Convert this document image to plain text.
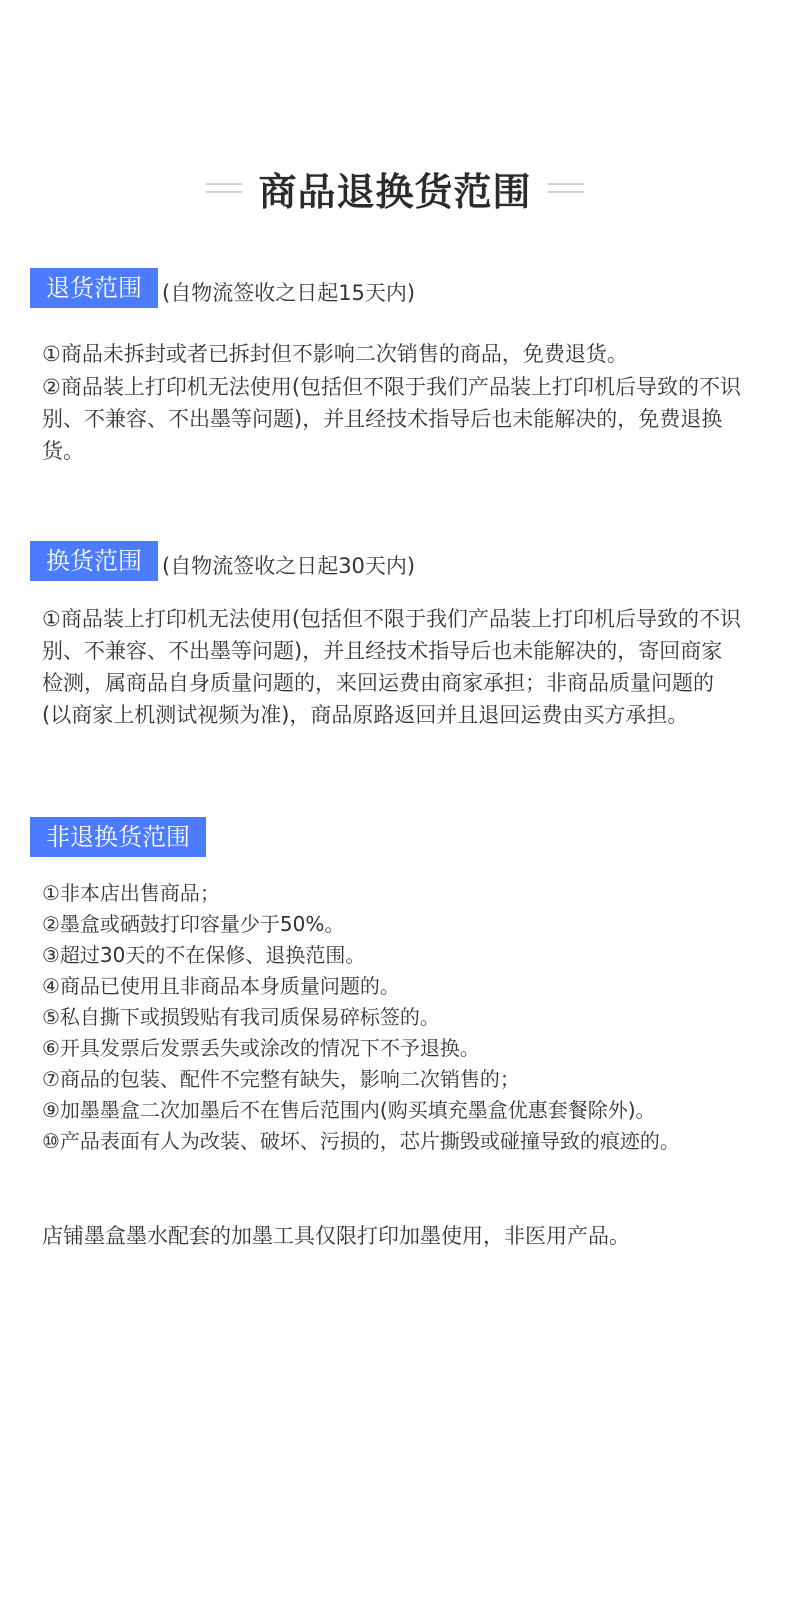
商品退换货范围
退货范围 (自物流签收之日起15天内)

①商品未拆封或者已拆封但不影响二次销售的商品，免费退货。

②商品装上打印机无法使用(包括但不限于我们产品装上打印机后导致的不识别、不兼容、不出墨等问题)，并且经技术指导后也未能解决的，免费退换货。

换货范围 (自物流签收之日起30天内)

①商品装上打印机无法使用(包括但不限于我们产品装上打印机后导致的不识别、不兼容、不出墨等问题)，并且经技术指导后也未能解决的，寄回商家检测，属商品自身质量问题的，来回运费由商家承担；非商品质量问题的(以商家上机测试视频为准)，商品原路返回并且退回运费由买方承担。

非退换货范围
①非本店出售商品；
②墨盒或硒鼓打印容量少于50%。
③超过30天的不在保修、退换范围。
④商品已使用且非商品本身质量问题的。
⑤私自撕下或损毁贴有我司质保易碎标签的。
⑥开具发票后发票丢失或涂改的情况下不予退换。
⑦商品的包装、配件不完整有缺失，影响二次销售的；
⑨加墨墨盒二次加墨后不在售后范围内(购买填充墨盒优惠套餐除外)。
⑩产品表面有人为改装、破坏、污损的，芯片撕毁或碰撞导致的痕迹的。
店铺墨盒墨水配套的加墨工具仅限打印加墨使用，非医用产品。
